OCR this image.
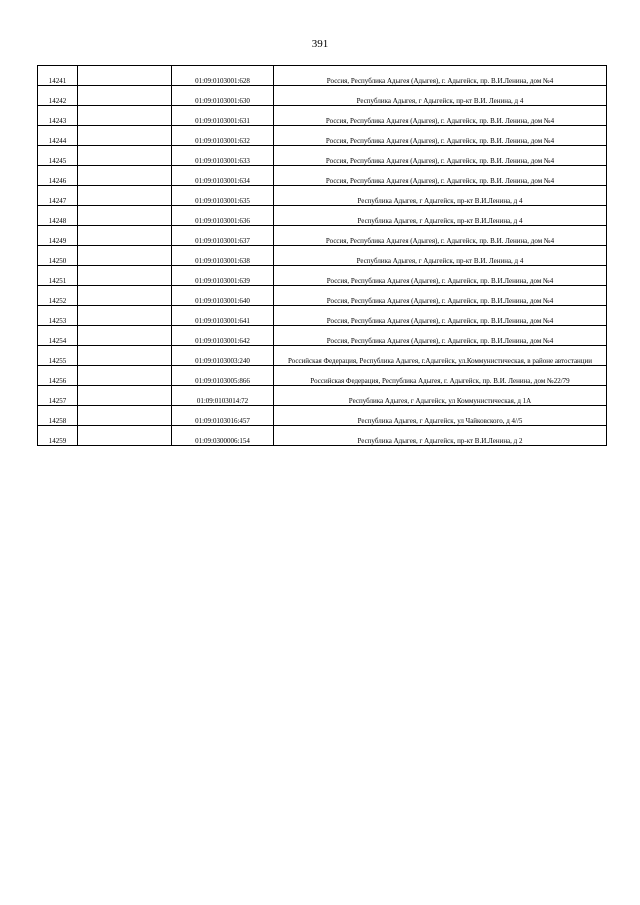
391
14241		01:09:0103001:628	Россия, Республика Адыгея (Адыгея), г. Адыгейск, пр. В.И.Ленина, дом №4
14242		01:09:0103001:630	Республика Адыгея, г Адыгейск, пр-кт В.И. Ленина, д 4
14243		01:09:0103001:631	Россия, Республика Адыгея (Адыгея), г. Адыгейск, пр. В.И. Ленина, дом №4
14244		01:09:0103001:632	Россия, Республика Адыгея (Адыгея), г. Адыгейск, пр. В.И. Ленина, дом №4
14245		01:09:0103001:633	Россия, Республика Адыгея (Адыгея), г. Адыгейск, пр. В.И. Ленина, дом №4
14246		01:09:0103001:634	Россия, Республика Адыгея (Адыгея), г. Адыгейск, пр. В.И. Ленина, дом №4
14247		01:09:0103001:635	Республика Адыгея, г Адыгейск, пр-кт В.И.Ленина, д 4
14248		01:09:0103001:636	Республика Адыгея, г Адыгейск, пр-кт В.И.Ленина, д 4
14249		01:09:0103001:637	Россия, Республика Адыгея (Адыгея), г. Адыгейск, пр. В.И. Ленина, дом №4
14250		01:09:0103001:638	Республика Адыгея, г Адыгейск, пр-кт В.И. Ленина, д 4
14251		01:09:0103001:639	Россия, Республика Адыгея (Адыгея), г. Адыгейск, пр. В.И.Ленина, дом №4
14252		01:09:0103001:640	Россия, Республика Адыгея (Адыгея), г. Адыгейск, пр. В.И.Ленина, дом №4
14253		01:09:0103001:641	Россия, Республика Адыгея (Адыгея), г. Адыгейск, пр. В.И.Ленина, дом №4
14254		01:09:0103001:642	Россия, Республика Адыгея (Адыгея), г. Адыгейск, пр. В.И.Ленина, дом №4
14255		01:09:0103003:240	Российская Федерация, Республика Адыгея, г.Адыгейск, ул.Коммунистическая, в районе автостанции
14256		01:09:0103005:866	Российская Федерация, Республика Адыгея, г. Адыгейск, пр. В.И. Ленина, дом №22/79
14257		01:09:0103014:72	Республика Адыгея, г Адыгейск, ул Коммунистическая, д 1А
14258		01:09:0103016:457	Республика Адыгея, г Адыгейск, ул Чайковского, д 4//5
14259		01:09:0300006:154	Республика Адыгея, г Адыгейск, пр-кт В.И.Ленина, д 2
